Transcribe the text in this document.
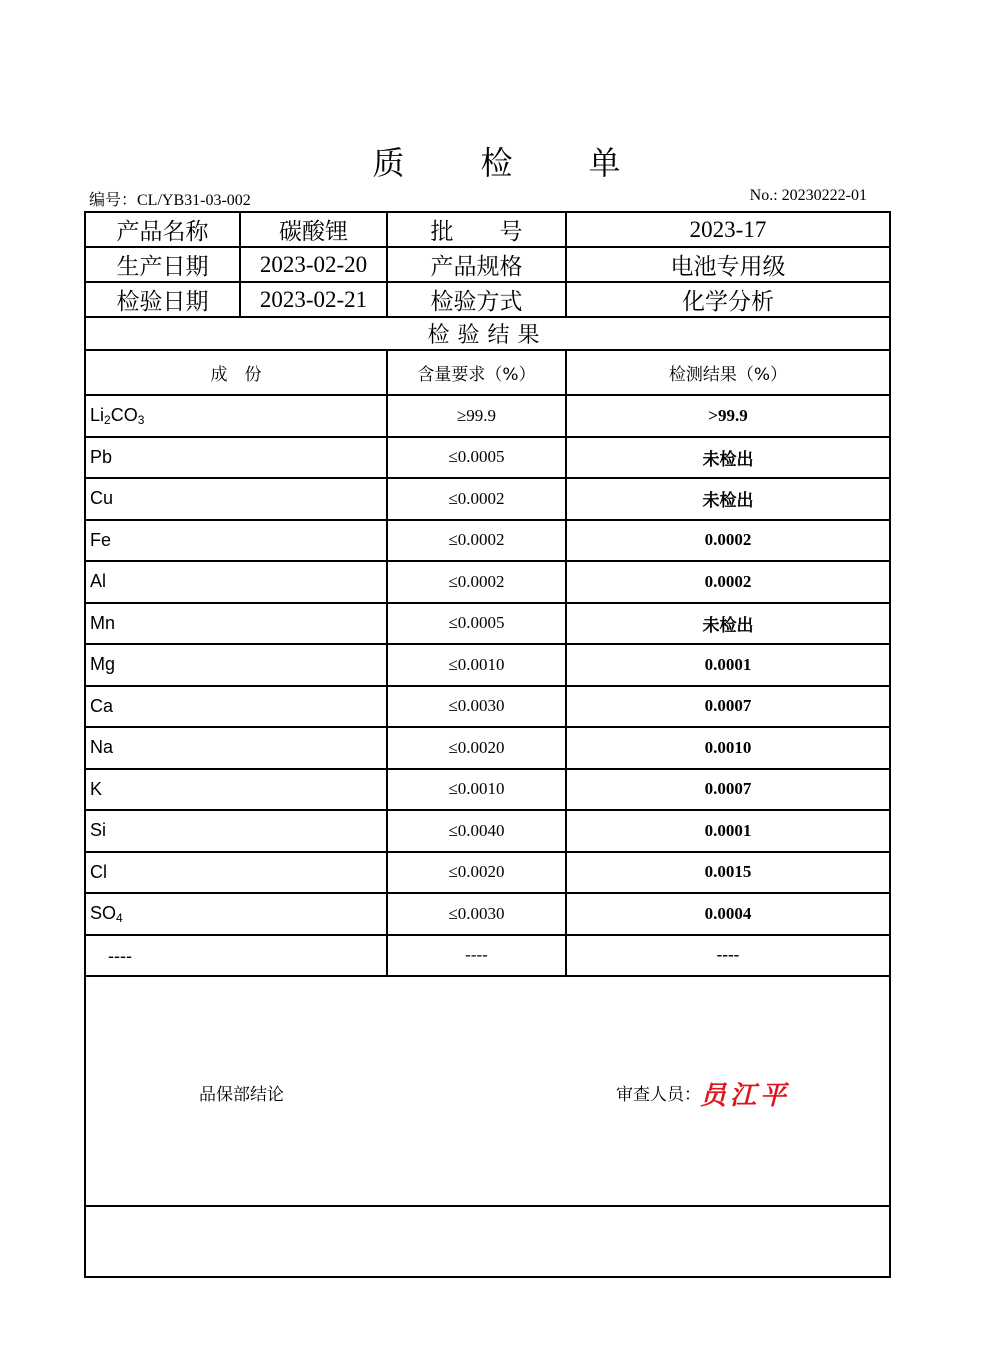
质 检 单
编号：CL/YB31-03-002	No.: 20230222-01
产品名称	碳酸锂	批　　号	2023-17
生产日期	2023-02-20	产品规格	电池专用级
检验日期	2023-02-21	检验方式	化学分析
检验结果			
成　份	含量要求（%）	检测结果（%）
$Li_2CO_3$	≥99.9	>99.9
Pb	≤0.0005	未检出
Cu	≤0.0002	未检出
Fe	≤0.0002	0.0002
Al	≤0.0002	0.0002
Mn	≤0.0005	未检出
Mg	≤0.0010	0.0001
Ca	≤0.0030	0.0007
Na	≤0.0020	0.0010
K	≤0.0010	0.0007
Si	≤0.0040	0.0001
Cl	≤0.0020	0.0015
$SO_4$	≤0.0030	0.0004
　----	----	----
品保部结论	审查人员： 员江平
